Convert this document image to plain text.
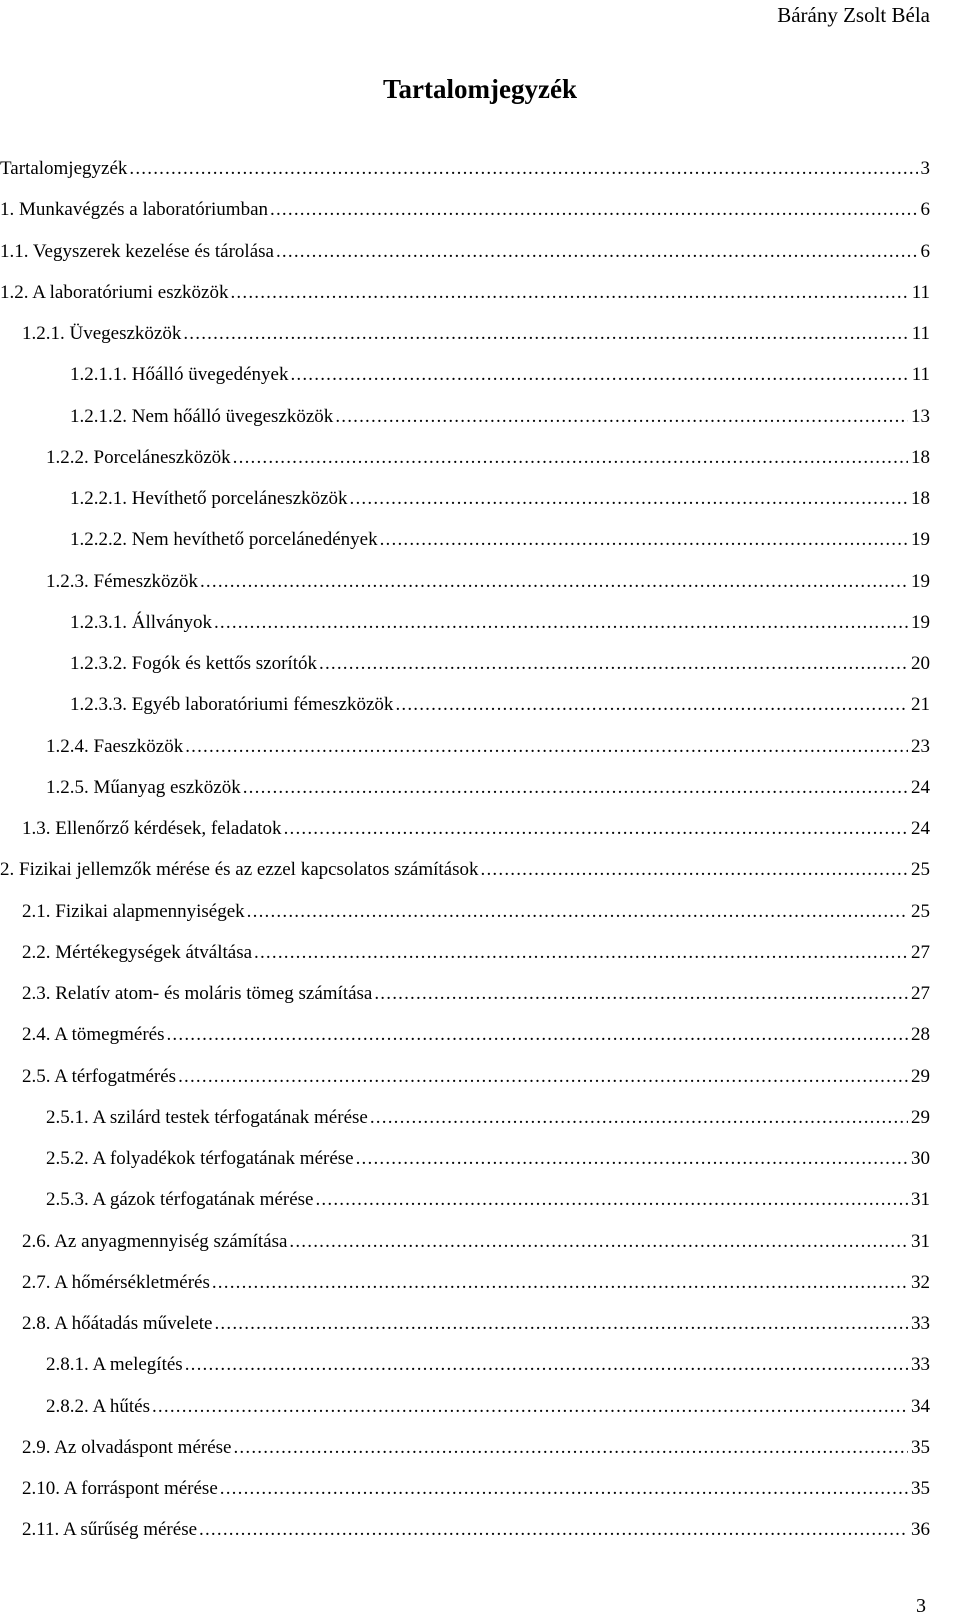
Bárány Zsolt Béla
Tartalomjegyzék
Tartalomjegyzék .....	3
1. Munkavégzés a laboratóriumban .....	6
1.1. Vegyszerek kezelése és tárolása .....	6
1.2. A laboratóriumi eszközök .....	11
1.2.1. Üvegeszközök .....	11
1.2.1.1. Hőálló üvegedények .....	11
1.2.1.2. Nem hőálló üvegeszközök .....	13
1.2.2. Porceláneszközök .....	18
1.2.2.1. Hevíthető porceláneszközök .....	18
1.2.2.2. Nem hevíthető porcelánedények .....	19
1.2.3. Fémeszközök .....	19
1.2.3.1. Állványok .....	19
1.2.3.2. Fogók és kettős szorítók .....	20
1.2.3.3. Egyéb laboratóriumi fémeszközök .....	21
1.2.4. Faeszközök .....	23
1.2.5. Műanyag eszközök .....	24
1.3. Ellenőrző kérdések, feladatok .....	24
2. Fizikai jellemzők mérése és az ezzel kapcsolatos számítások .....	25
2.1. Fizikai alapmennyiségek .....	25
2.2. Mértékegységek átváltása .....	27
2.3. Relatív atom- és moláris tömeg számítása .....	27
2.4. A tömegmérés .....	28
2.5. A térfogatmérés .....	29
2.5.1. A szilárd testek térfogatának mérése .....	29
2.5.2. A folyadékok térfogatának mérése .....	30
2.5.3. A gázok térfogatának mérése .....	31
2.6. Az anyagmennyiség számítása .....	31
2.7. A hőmérsékletmérés .....	32
2.8. A hőátadás művelete .....	33
2.8.1. A melegítés .....	33
2.8.2. A hűtés .....	34
2.9. Az olvadáspont mérése .....	35
2.10. A forráspont mérése .....	35
2.11. A sűrűség mérése .....	36
3
